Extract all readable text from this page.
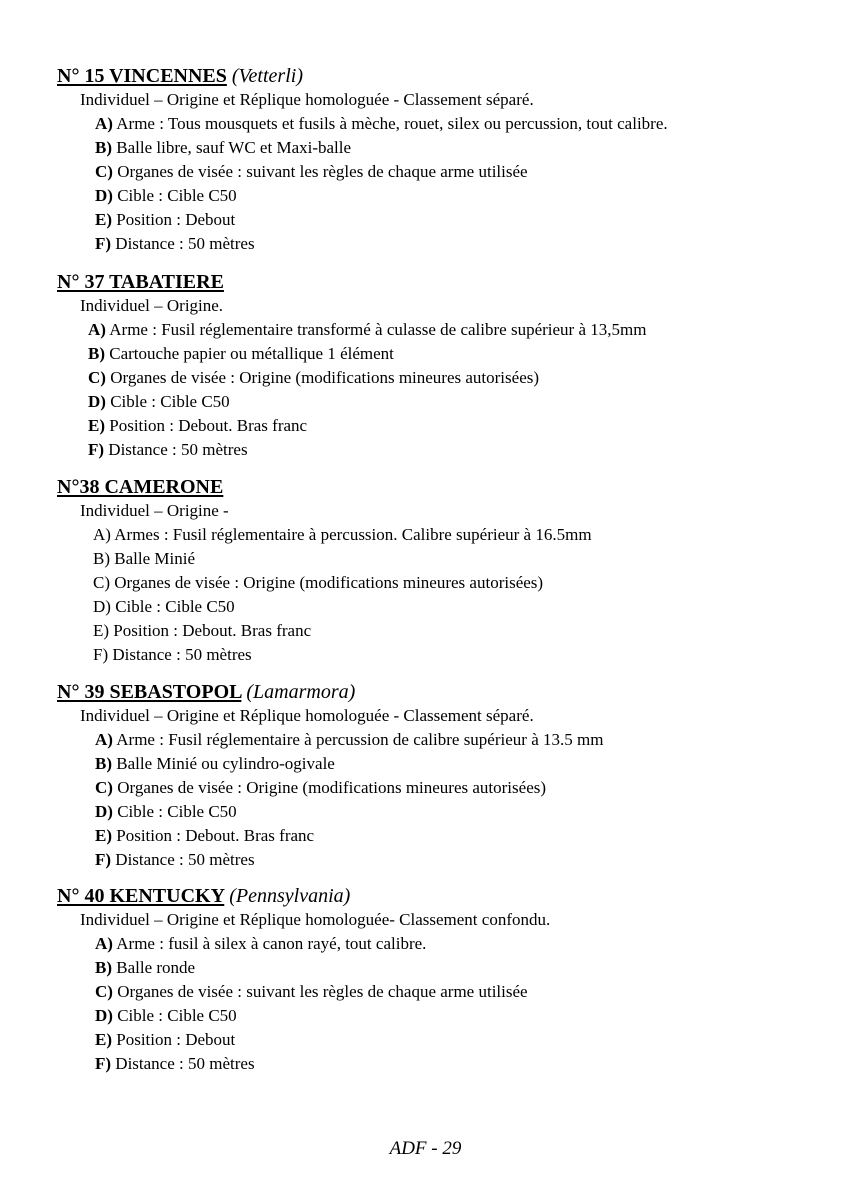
N° 15 VINCENNES (Vetterli)
Individuel – Origine et Réplique homologuée - Classement séparé.
A) Arme : Tous mousquets et fusils à mèche, rouet, silex ou percussion, tout calibre.
B) Balle libre, sauf WC et Maxi-balle
C) Organes de visée : suivant les règles de chaque arme utilisée
D) Cible : Cible C50
E) Position : Debout
F) Distance : 50 mètres
N° 37 TABATIERE
Individuel – Origine.
A) Arme : Fusil réglementaire transformé à culasse de calibre supérieur à 13,5mm
B) Cartouche papier ou métallique 1 élément
C) Organes de visée : Origine (modifications mineures autorisées)
D) Cible : Cible C50
E) Position : Debout. Bras franc
F) Distance : 50 mètres
N°38 CAMERONE
Individuel – Origine -
A) Armes : Fusil réglementaire à percussion. Calibre supérieur à 16.5mm
B) Balle Minié
C) Organes de visée : Origine (modifications mineures autorisées)
D) Cible : Cible C50
E) Position : Debout. Bras franc
F) Distance : 50 mètres
N° 39 SEBASTOPOL (Lamarmora)
Individuel – Origine et Réplique homologuée - Classement séparé.
A) Arme : Fusil réglementaire à percussion de calibre supérieur à 13.5 mm
B) Balle Minié ou cylindro-ogivale
C) Organes de visée : Origine (modifications mineures autorisées)
D) Cible : Cible C50
E) Position : Debout. Bras franc
F) Distance : 50 mètres
N° 40 KENTUCKY (Pennsylvania)
Individuel – Origine et Réplique homologuée- Classement confondu.
A) Arme : fusil à silex à canon rayé, tout calibre.
B) Balle ronde
C) Organes de visée : suivant les règles de chaque arme utilisée
D) Cible : Cible C50
E) Position : Debout
F) Distance : 50 mètres
ADF - 29
